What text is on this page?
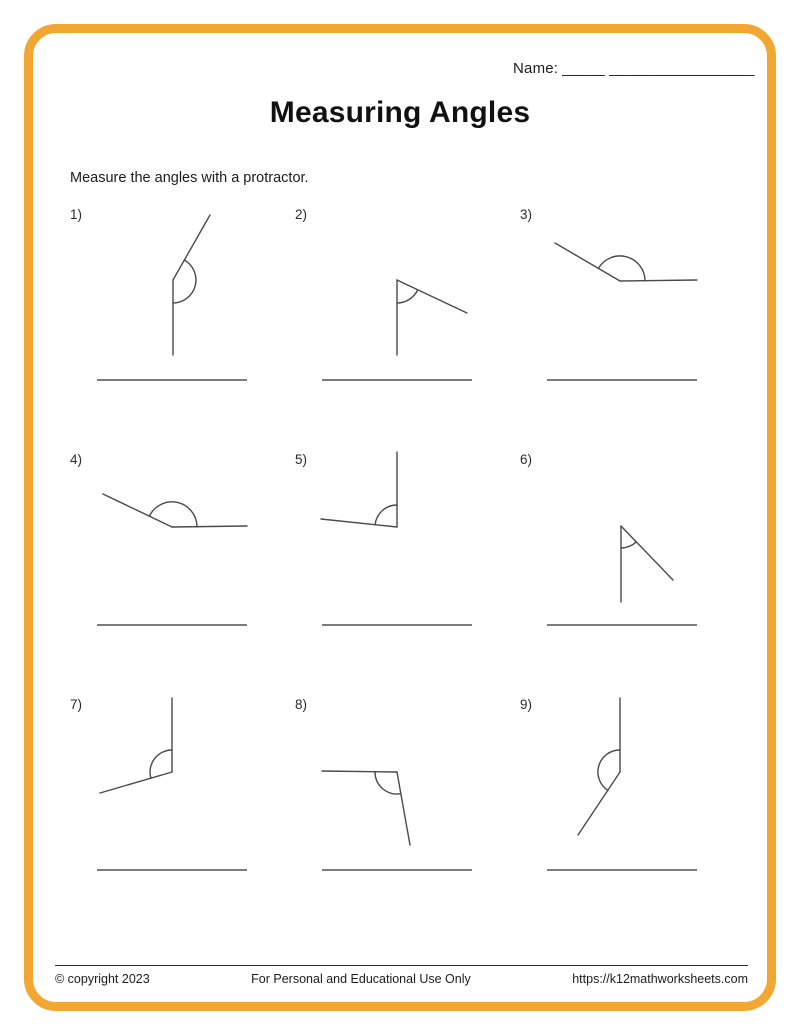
Name: _____ _________________
Measuring Angles
Measure the angles with a protractor.
1)	2)	3)
4)	5)	6)
7)	8)	9)
© copyright 2023	For Personal and Educational Use Only	https://k12mathworksheets.com
